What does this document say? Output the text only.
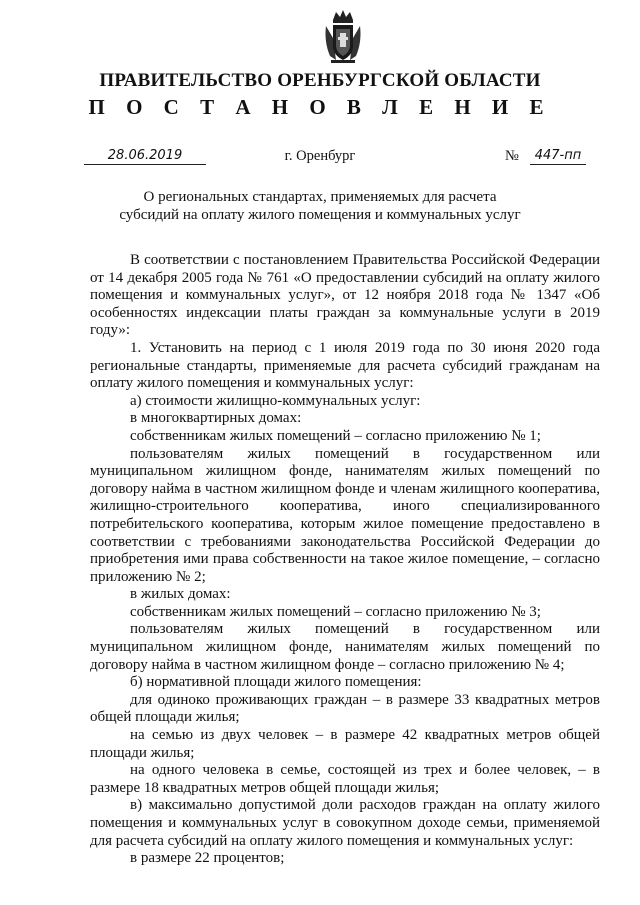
ПРАВИТЕЛЬСТВО ОРЕНБУРГСКОЙ ОБЛАСТИ
П О С Т А Н О В Л Е Н И Е
28.06.2019	г. Оренбург	№	447-пп
О региональных стандартах, применяемых для расчета
субсидий на оплату жилого помещения и коммунальных услуг

В соответствии с постановлением Правительства Российской Федерации от 14 декабря 2005 года № 761 «О предоставлении субсидий на оплату жилого помещения и коммунальных услуг», от 12 ноября 2018 года № 1347 «Об особенностях индексации платы граждан за коммунальные услуги в 2019 году»:

1. Установить на период с 1 июля 2019 года по 30 июня 2020 года региональные стандарты, применяемые для расчета субсидий гражданам на оплату жилого помещения и коммунальных услуг:

а) стоимости жилищно-коммунальных услуг:

в многоквартирных домах:

собственникам жилых помещений – согласно приложению № 1;

пользователям жилых помещений в государственном или муниципальном жилищном фонде, нанимателям жилых помещений по договору найма в частном жилищном фонде и членам жилищного кооператива, жилищно-строительного кооператива, иного специализированного потребительского кооператива, которым жилое помещение предоставлено в соответствии с требованиями законодательства Российской Федерации до приобретения ими права собственности на такое жилое помещение, – согласно приложению № 2;

в жилых домах:

собственникам жилых помещений – согласно приложению № 3;

пользователям жилых помещений в государственном или муниципальном жилищном фонде, нанимателям жилых помещений по договору найма в частном жилищном фонде – согласно приложению № 4;

б) нормативной площади жилого помещения:

для одиноко проживающих граждан – в размере 33 квадратных метров общей площади жилья;

на семью из двух человек – в размере 42 квадратных метров общей площади жилья;

на одного человека в семье, состоящей из трех и более человек, – в размере 18 квадратных метров общей площади жилья;

в) максимально допустимой доли расходов граждан на оплату жилого помещения и коммунальных услуг в совокупном доходе семьи, применяемой для расчета субсидий на оплату жилого помещения и коммунальных услуг:

в размере 22 процентов;
